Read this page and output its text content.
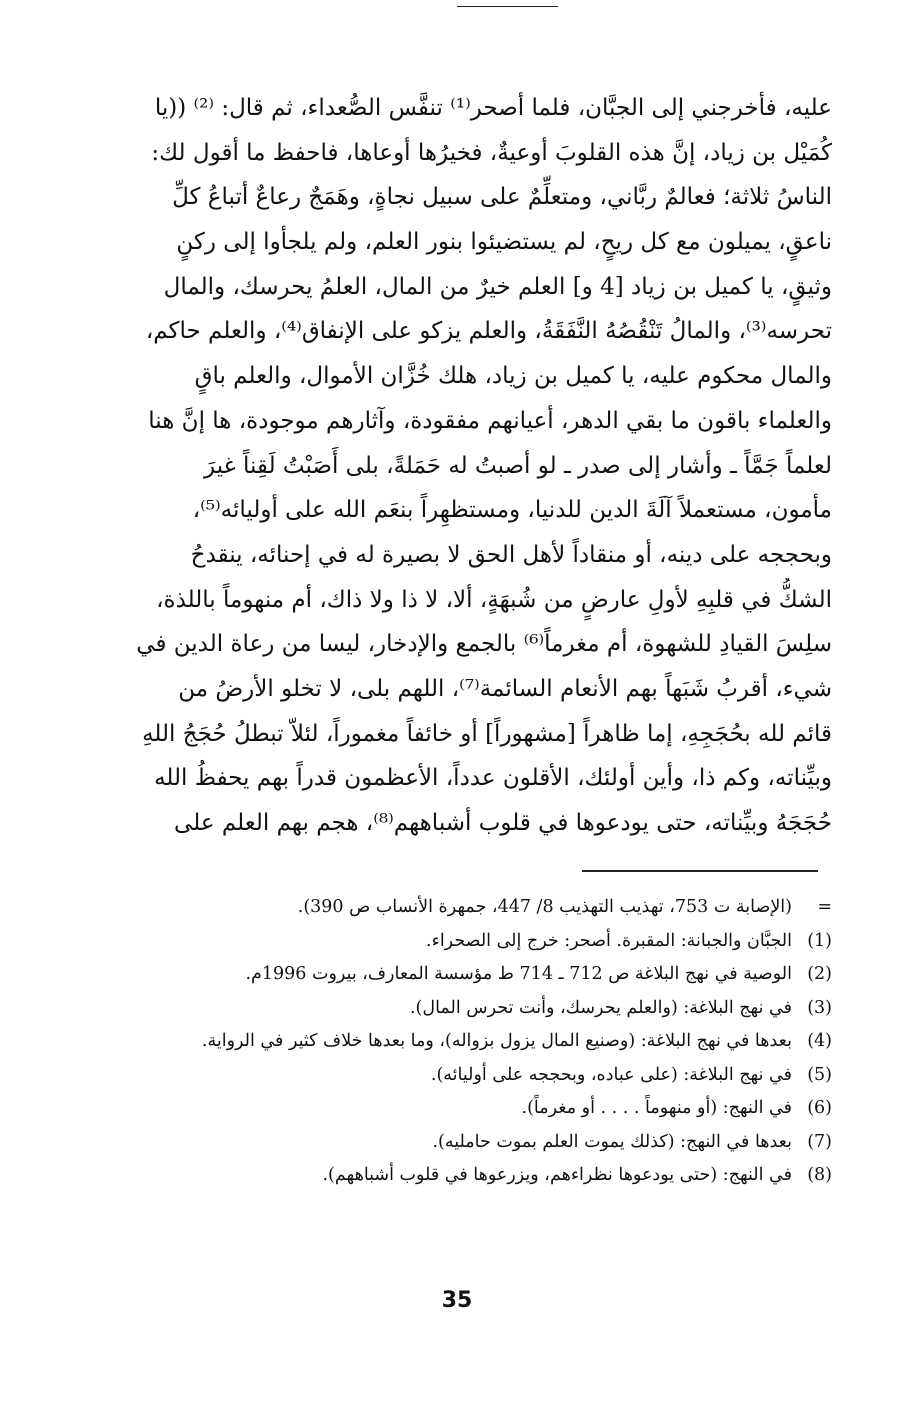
عليه، فأخرجني إلى الجبَّان، فلما أصحر⁽¹⁾ تنفَّس الصُّعداء، ثم قال: ⁽²⁾ ((يا
كُمَيْل بن زياد، إنَّ هذه القلوبَ أوعيةٌ، فخيرُها أوعاها، فاحفظ ما أقول لك:
الناسُ ثلاثة؛ فعالمٌ ربَّاني، ومتعلِّمٌ على سبيل نجاةٍ، وهَمَجٌ رعاعٌ أتباعُ كلِّ
ناعقٍ، يميلون مع كل ريحٍ، لم يستضيئوا بنور العلم، ولم يلجأوا إلى ركنٍ
وثيقٍ، يا كميل بن زياد [4 و] العلم خيرٌ من المال، العلمُ يحرسك، والمال
تحرسه⁽³⁾، والمالُ تَنْقُصُهُ النَّفَقَةُ، والعلم يزكو على الإنفاق⁽⁴⁾، والعلم حاكم،
والمال محكوم عليه، يا كميل بن زياد، هلك خُزَّان الأموال، والعلم باقٍ
والعلماء باقون ما بقي الدهر، أعيانهم مفقودة، وآثارهم موجودة، ها إنَّ هنا
لعلماً جَمَّاً ـ وأشار إلى صدر ـ لو أصبتُ له حَمَلةً، بلى أَصَبْتُ لَقِناً غيرَ
مأمون، مستعملاً آلَةَ الدين للدنيا، ومستظهِراً بنعَم الله على أوليائه⁽⁵⁾،
وبحججه على دينه، أو منقاداً لأهل الحق لا بصيرة له في إحنائه، ينقدحُ
الشكُّ في قلبِهِ لأولِ عارضٍ من شُبهَةٍ، ألا، لا ذا ولا ذاك، أم منهوماً باللذة،
سلِسَ القيادِ للشهوة، أم مغرماً⁽⁶⁾ بالجمع والإدخار، ليسا من رعاة الدين في
شيء، أقربُ شَبَهاً بهم الأنعام السائمة⁽⁷⁾، اللهم بلى، لا تخلو الأرضُ من
قائم لله بحُجَجِهِ، إما ظاهراً [مشهوراً] أو خائفاً مغموراً، لئلاّ تبطلُ حُجَجُ اللهِ
وبيِّناته، وكم ذا، وأين أولئك، الأقلون عدداً، الأعظمون قدراً بهم يحفظُ الله
حُجَجَهُ وبيِّناته، حتى يودعوها في قلوب أشباههم⁽⁸⁾، هجم بهم العلم على
=
(الإصابة ت 753، تهذيب التهذيب 8/ 447، جمهرة الأنساب ص 390).
(1)
الجبَّان والجبانة: المقبرة. أصحر: خرج إلى الصحراء.
(2)
الوصية في نهج البلاغة ص 712 ـ 714 ط مؤسسة المعارف، بيروت 1996م.
(3)
في نهج البلاغة: (والعلم يحرسك، وأنت تحرس المال).
(4)
بعدها في نهج البلاغة: (وصنيع المال يزول بزواله)، وما بعدها خلاف كثير في الرواية.
(5)
في نهج البلاغة: (على عباده، وبحججه على أوليائه).
(6)
في النهج: (أو منهوماً . . . . أو مغرماً).
(7)
بعدها في النهج: (كذلك يموت العلم بموت حامليه).
(8)
في النهج: (حتى يودعوها نظراءهم، ويزرعوها في قلوب أشباههم).
35
